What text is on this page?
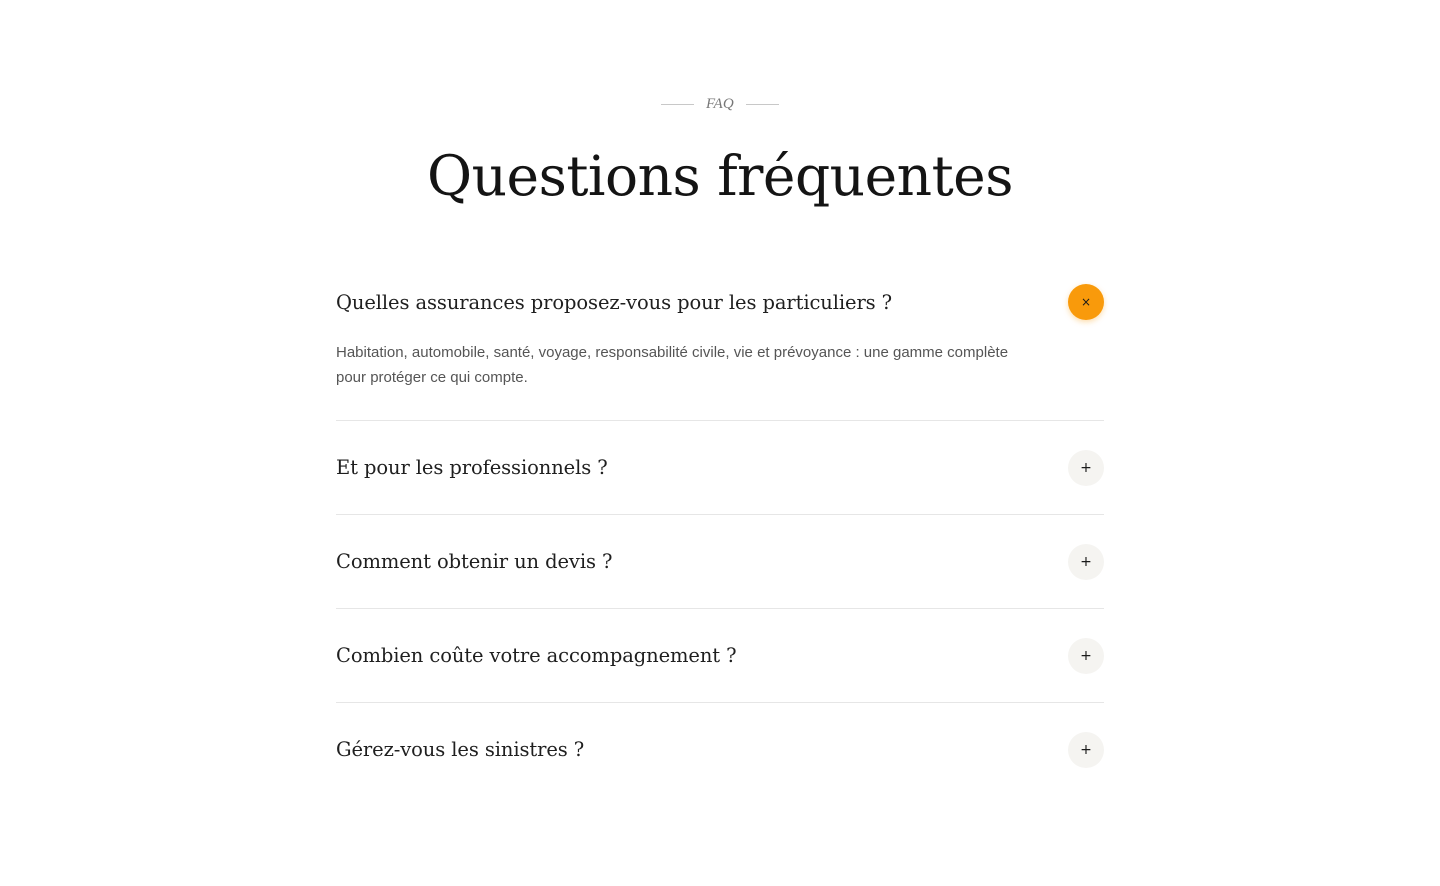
FAQ
Questions fréquentes
Quelles assurances proposez-vous pour les particuliers ?	×

Habitation, automobile, santé, voyage, responsabilité civile, vie et prévoyance : une gamme complète pour protéger ce qui compte.

Et pour les professionnels ?	+
Comment obtenir un devis ?	+
Combien coûte votre accompagnement ?	+
Gérez-vous les sinistres ?	+
